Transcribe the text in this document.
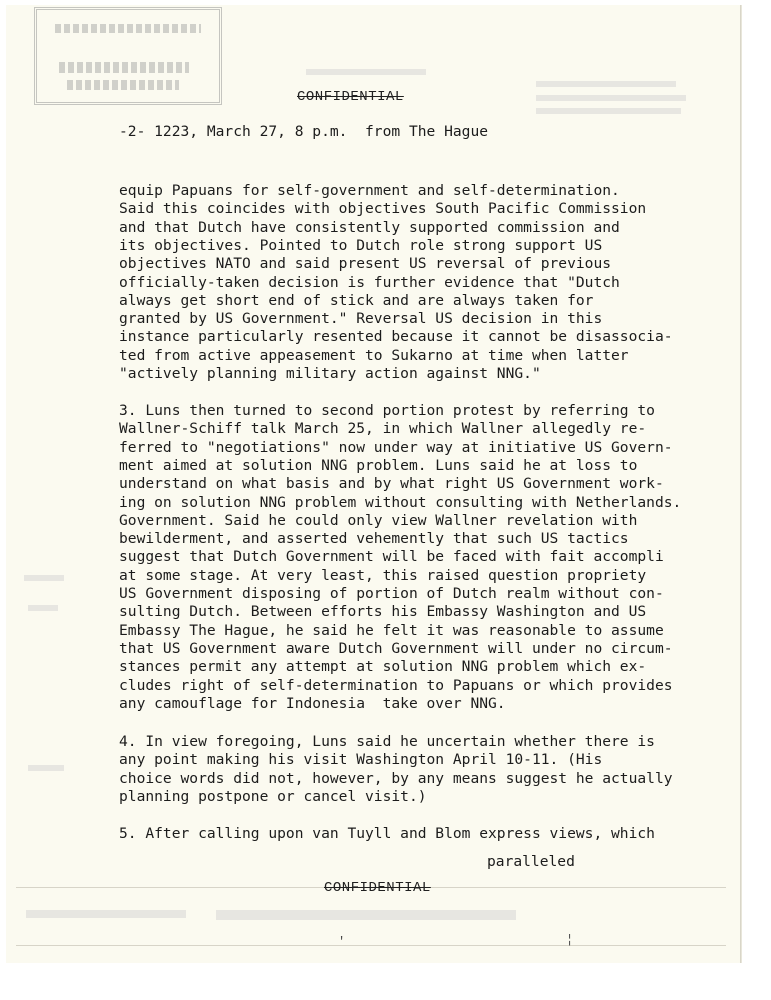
CONFIDENTIAL
-2- 1223, March 27, 8 p.m.  from The Hague
equip Papuans for self-government and self-determination.
Said this coincides with objectives South Pacific Commission
and that Dutch have consistently supported commission and
its objectives. Pointed to Dutch role strong support US
objectives NATO and said present US reversal of previous
officially-taken decision is further evidence that "Dutch
always get short end of stick and are always taken for
granted by US Government." Reversal US decision in this
instance particularly resented because it cannot be disassocia-
ted from active appeasement to Sukarno at time when latter
"actively planning military action against NNG."
3. Luns then turned to second portion protest by referring to
Wallner-Schiff talk March 25, in which Wallner allegedly re-
ferred to "negotiations" now under way at initiative US Govern-
ment aimed at solution NNG problem. Luns said he at loss to
understand on what basis and by what right US Government work-
ing on solution NNG problem without consulting with Netherlands.
Government. Said he could only view Wallner revelation with
bewilderment, and asserted vehemently that such US tactics
suggest that Dutch Government will be faced with fait accompli
at some stage. At very least, this raised question propriety
US Government disposing of portion of Dutch realm without con-
sulting Dutch. Between efforts his Embassy Washington and US
Embassy The Hague, he said he felt it was reasonable to assume
that US Government aware Dutch Government will under no circum-
stances permit any attempt at solution NNG problem which ex-
cludes right of self-determination to Papuans or which provides
any camouflage for Indonesia  take over NNG.
4. In view foregoing, Luns said he uncertain whether there is
any point making his visit Washington April 10-11. (His
choice words did not, however, by any means suggest he actually
planning postpone or cancel visit.)
5. After calling upon van Tuyll and Blom express views, which
paralleled
CONFIDENTIAL
'	¦
